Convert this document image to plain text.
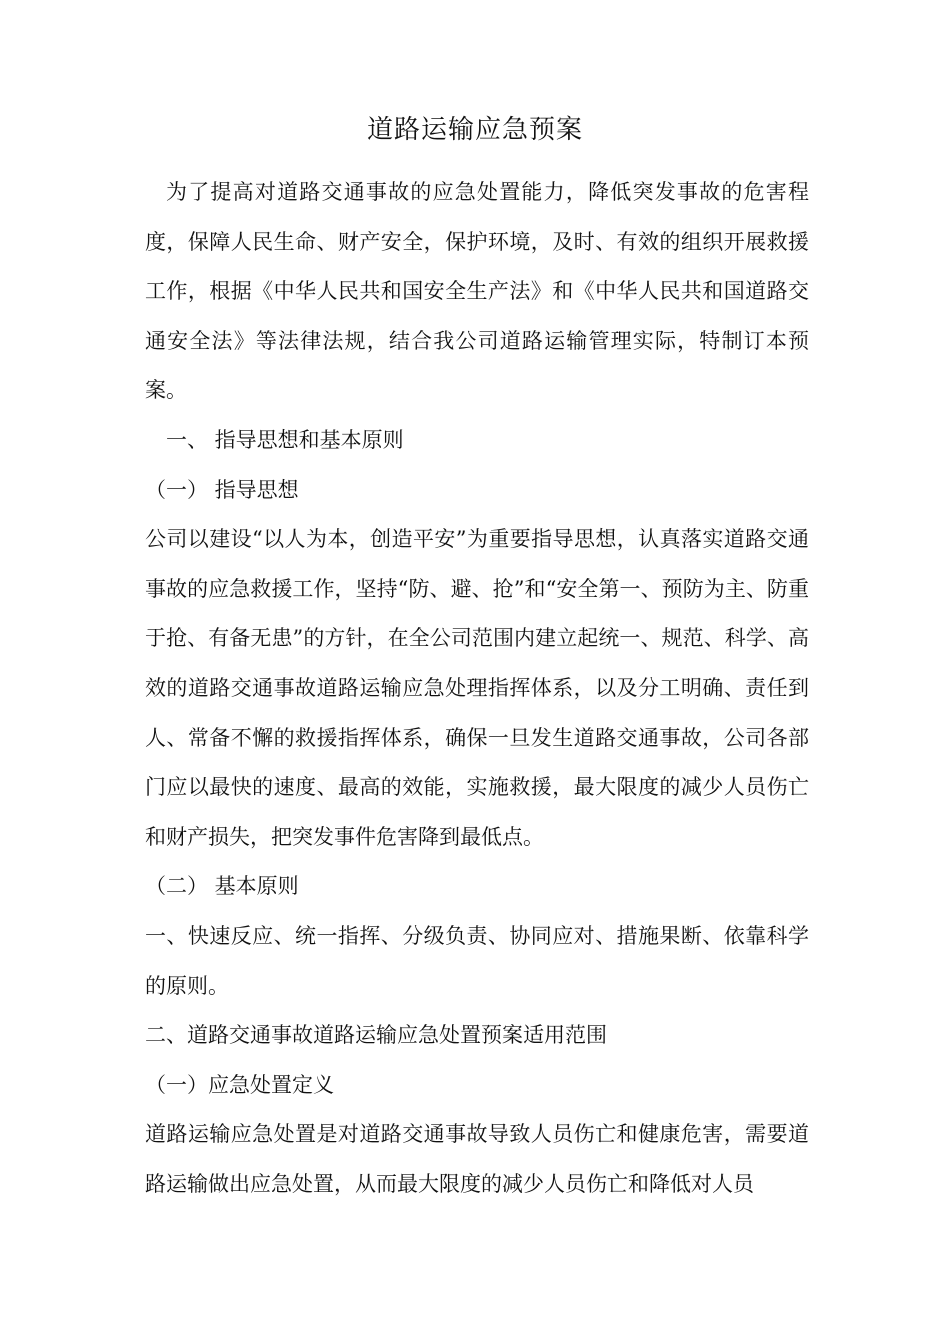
道路运输应急预案

为了提高对道路交通事故的应急处置能力，降低突发事故的危害程度，保障人民生命、财产安全，保护环境，及时、有效的组织开展救援工作，根据《中华人民共和国安全生产法》和《中华人民共和国道路交通安全法》等法律法规，结合我公司道路运输管理实际，特制订本预案。

一、 指导思想和基本原则

（一） 指导思想

公司以建设“以人为本，创造平安”为重要指导思想，认真落实道路交通事故的应急救援工作，坚持“防、避、抢”和“安全第一、预防为主、防重于抢、有备无患”的方针，在全公司范围内建立起统一、规范、科学、高效的道路交通事故道路运输应急处理指挥体系，以及分工明确、责任到人、常备不懈的救援指挥体系，确保一旦发生道路交通事故，公司各部门应以最快的速度、最高的效能，实施救援，最大限度的减少人员伤亡和财产损失，把突发事件危害降到最低点。

（二） 基本原则

一、快速反应、统一指挥、分级负责、协同应对、措施果断、依靠科学的原则。

二、道路交通事故道路运输应急处置预案适用范围

（一）应急处置定义

道路运输应急处置是对道路交通事故导致人员伤亡和健康危害，需要道路运输做出应急处置，从而最大限度的减少人员伤亡和降低对人员
